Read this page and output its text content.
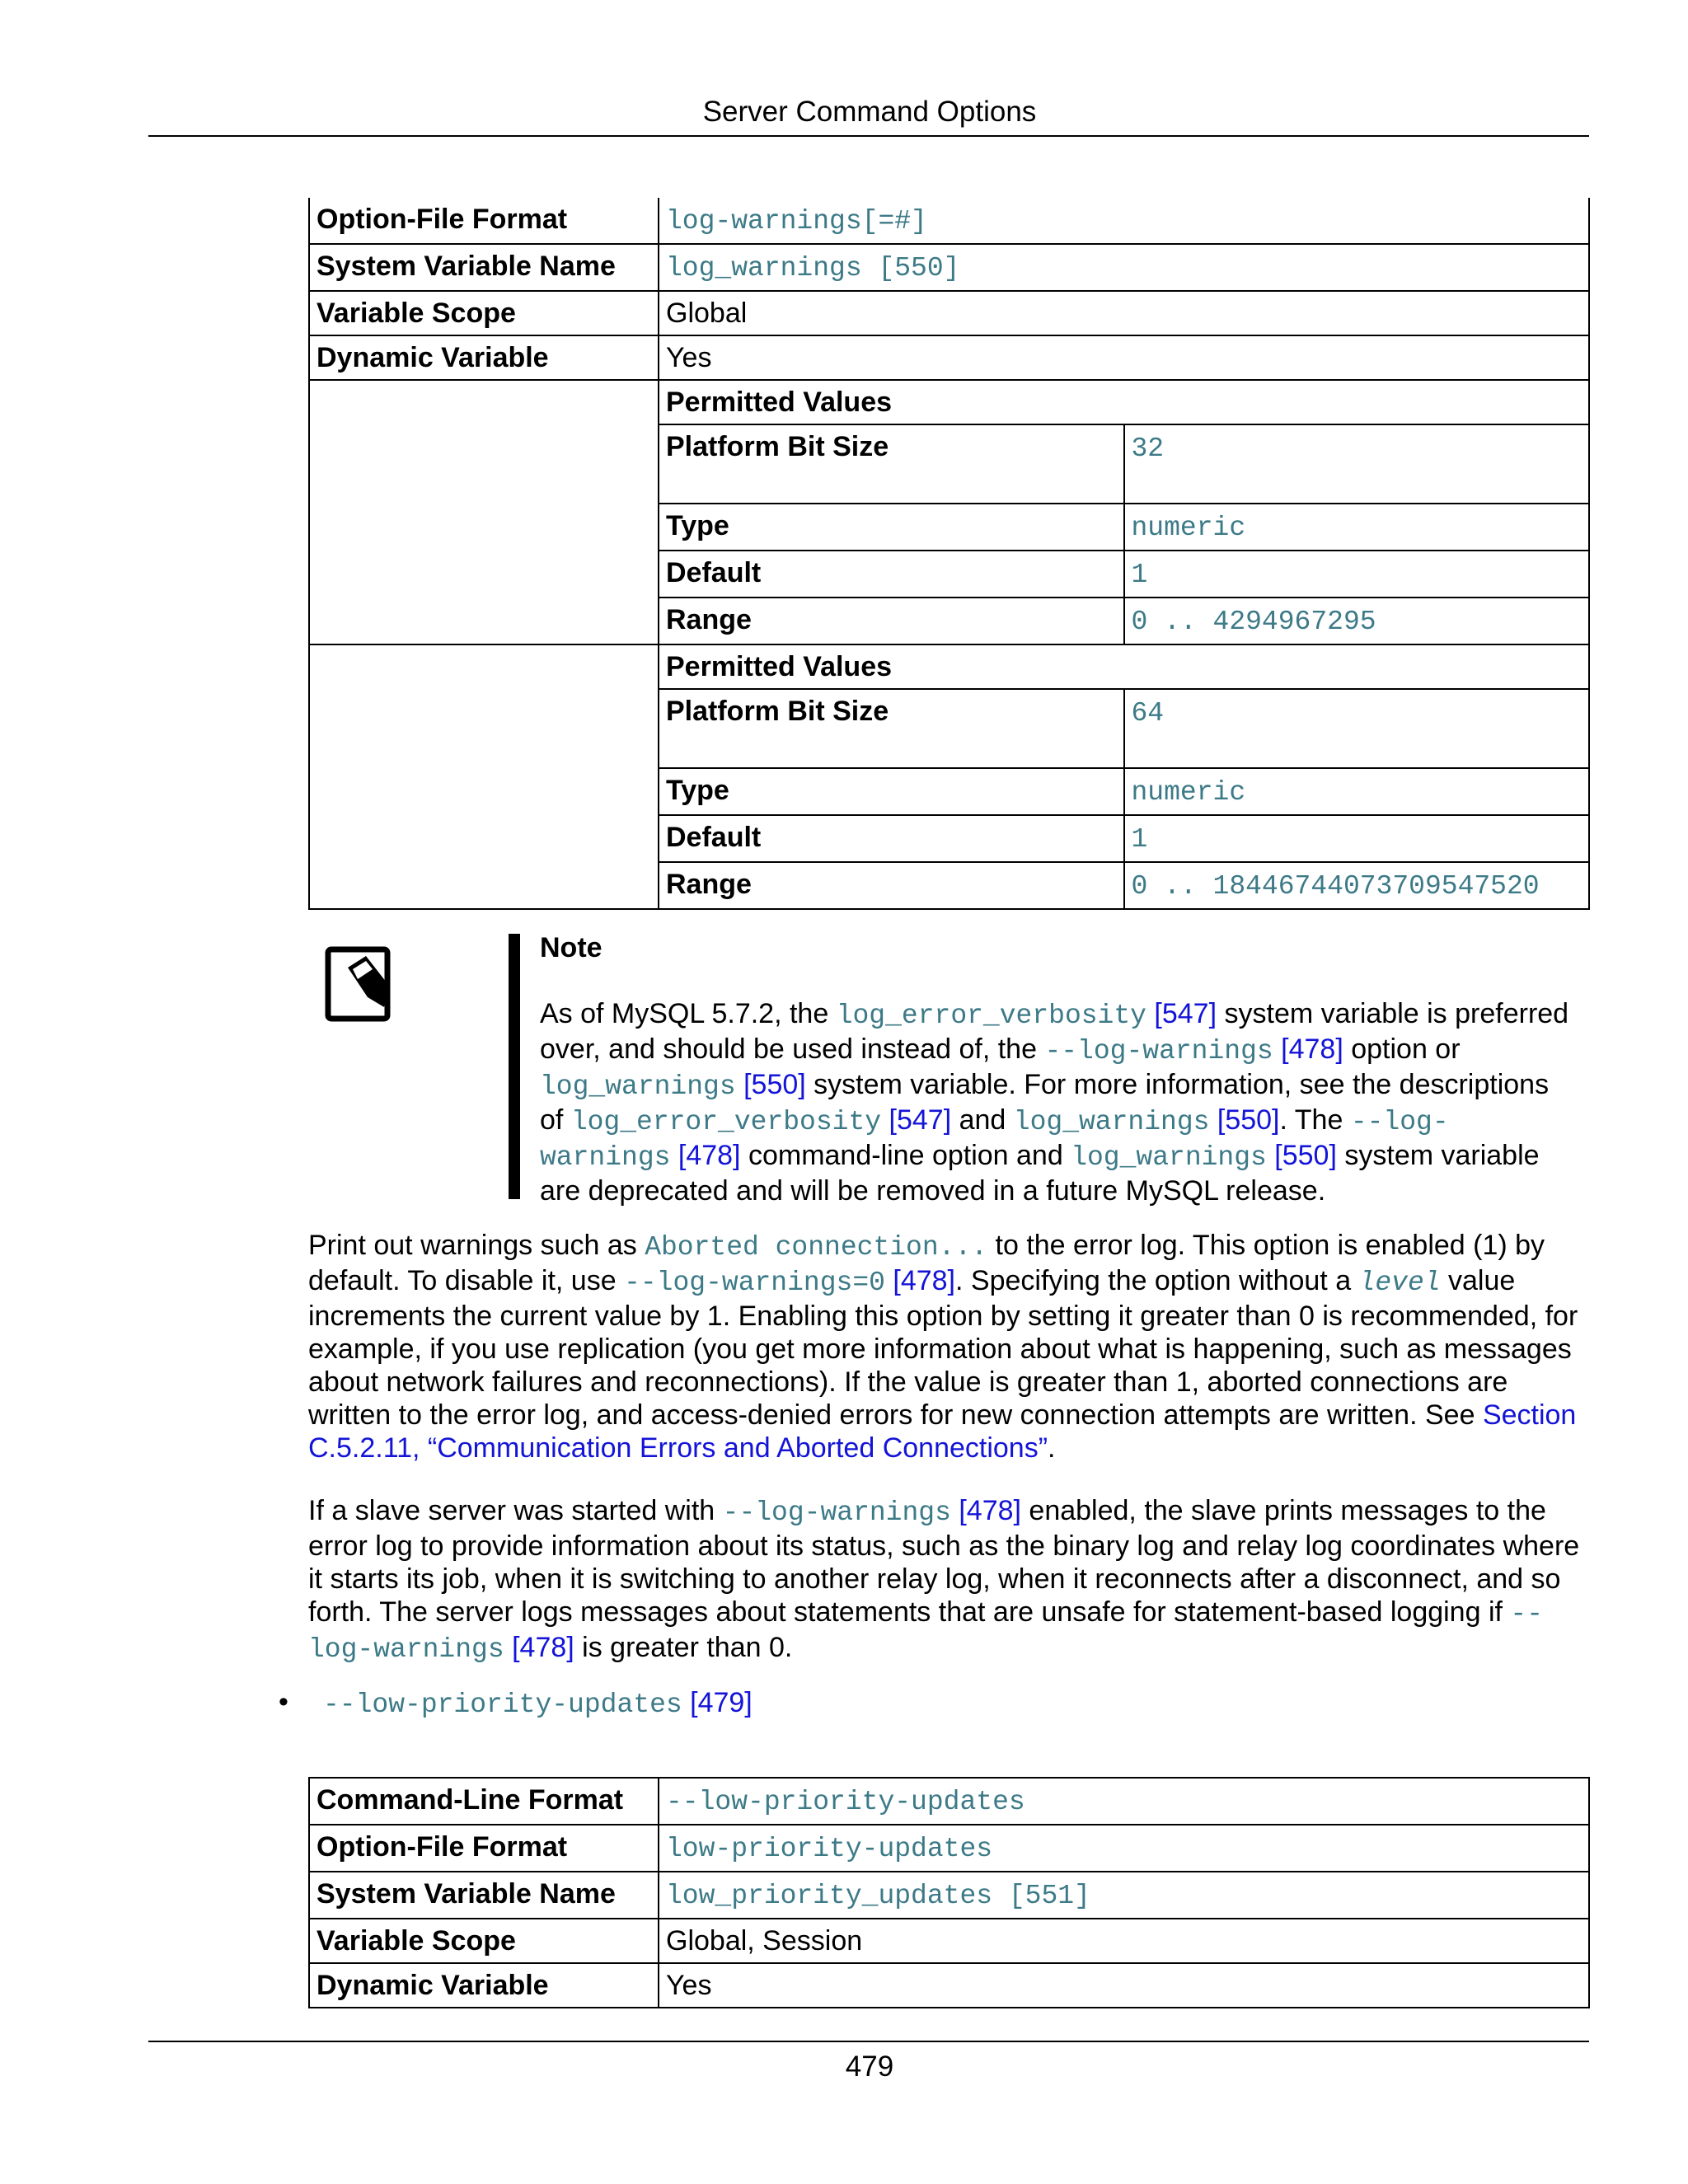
Server Command Options
Option-File Format	log-warnings[=#]
System Variable Name	log_warnings [550]
Variable Scope	Global
Dynamic Variable	Yes

Permitted Values
Platform Bit Size	32
Type	numeric
Default	1
Range	0 .. 4294967295

Permitted Values
Platform Bit Size	64
Type	numeric
Default	1
Range	0 .. 18446744073709547520
Note
As of MySQL 5.7.2, the log_error_verbosity [547] system variable is preferred over, and should be used instead of, the --log-warnings [478] option or log_warnings [550] system variable. For more information, see the descriptions of log_error_verbosity [547] and log_warnings [550]. The --log-warnings [478] command-line option and log_warnings [550] system variable are deprecated and will be removed in a future MySQL release.
Print out warnings such as Aborted connection... to the error log. This option is enabled (1) by default. To disable it, use --log-warnings=0 [478]. Specifying the option without a level value increments the current value by 1. Enabling this option by setting it greater than 0 is recommended, for example, if you use replication (you get more information about what is happening, such as messages about network failures and reconnections). If the value is greater than 1, aborted connections are written to the error log, and access-denied errors for new connection attempts are written. See Section C.5.2.11, “Communication Errors and Aborted Connections”.
If a slave server was started with --log-warnings [478] enabled, the slave prints messages to the error log to provide information about its status, such as the binary log and relay log coordinates where it starts its job, when it is switching to another relay log, when it reconnects after a disconnect, and so forth. The server logs messages about statements that are unsafe for statement-based logging if --log-warnings [478] is greater than 0.
• --low-priority-updates [479]
Command-Line Format	--low-priority-updates
Option-File Format	low-priority-updates
System Variable Name	low_priority_updates [551]
Variable Scope	Global, Session
Dynamic Variable	Yes
479
